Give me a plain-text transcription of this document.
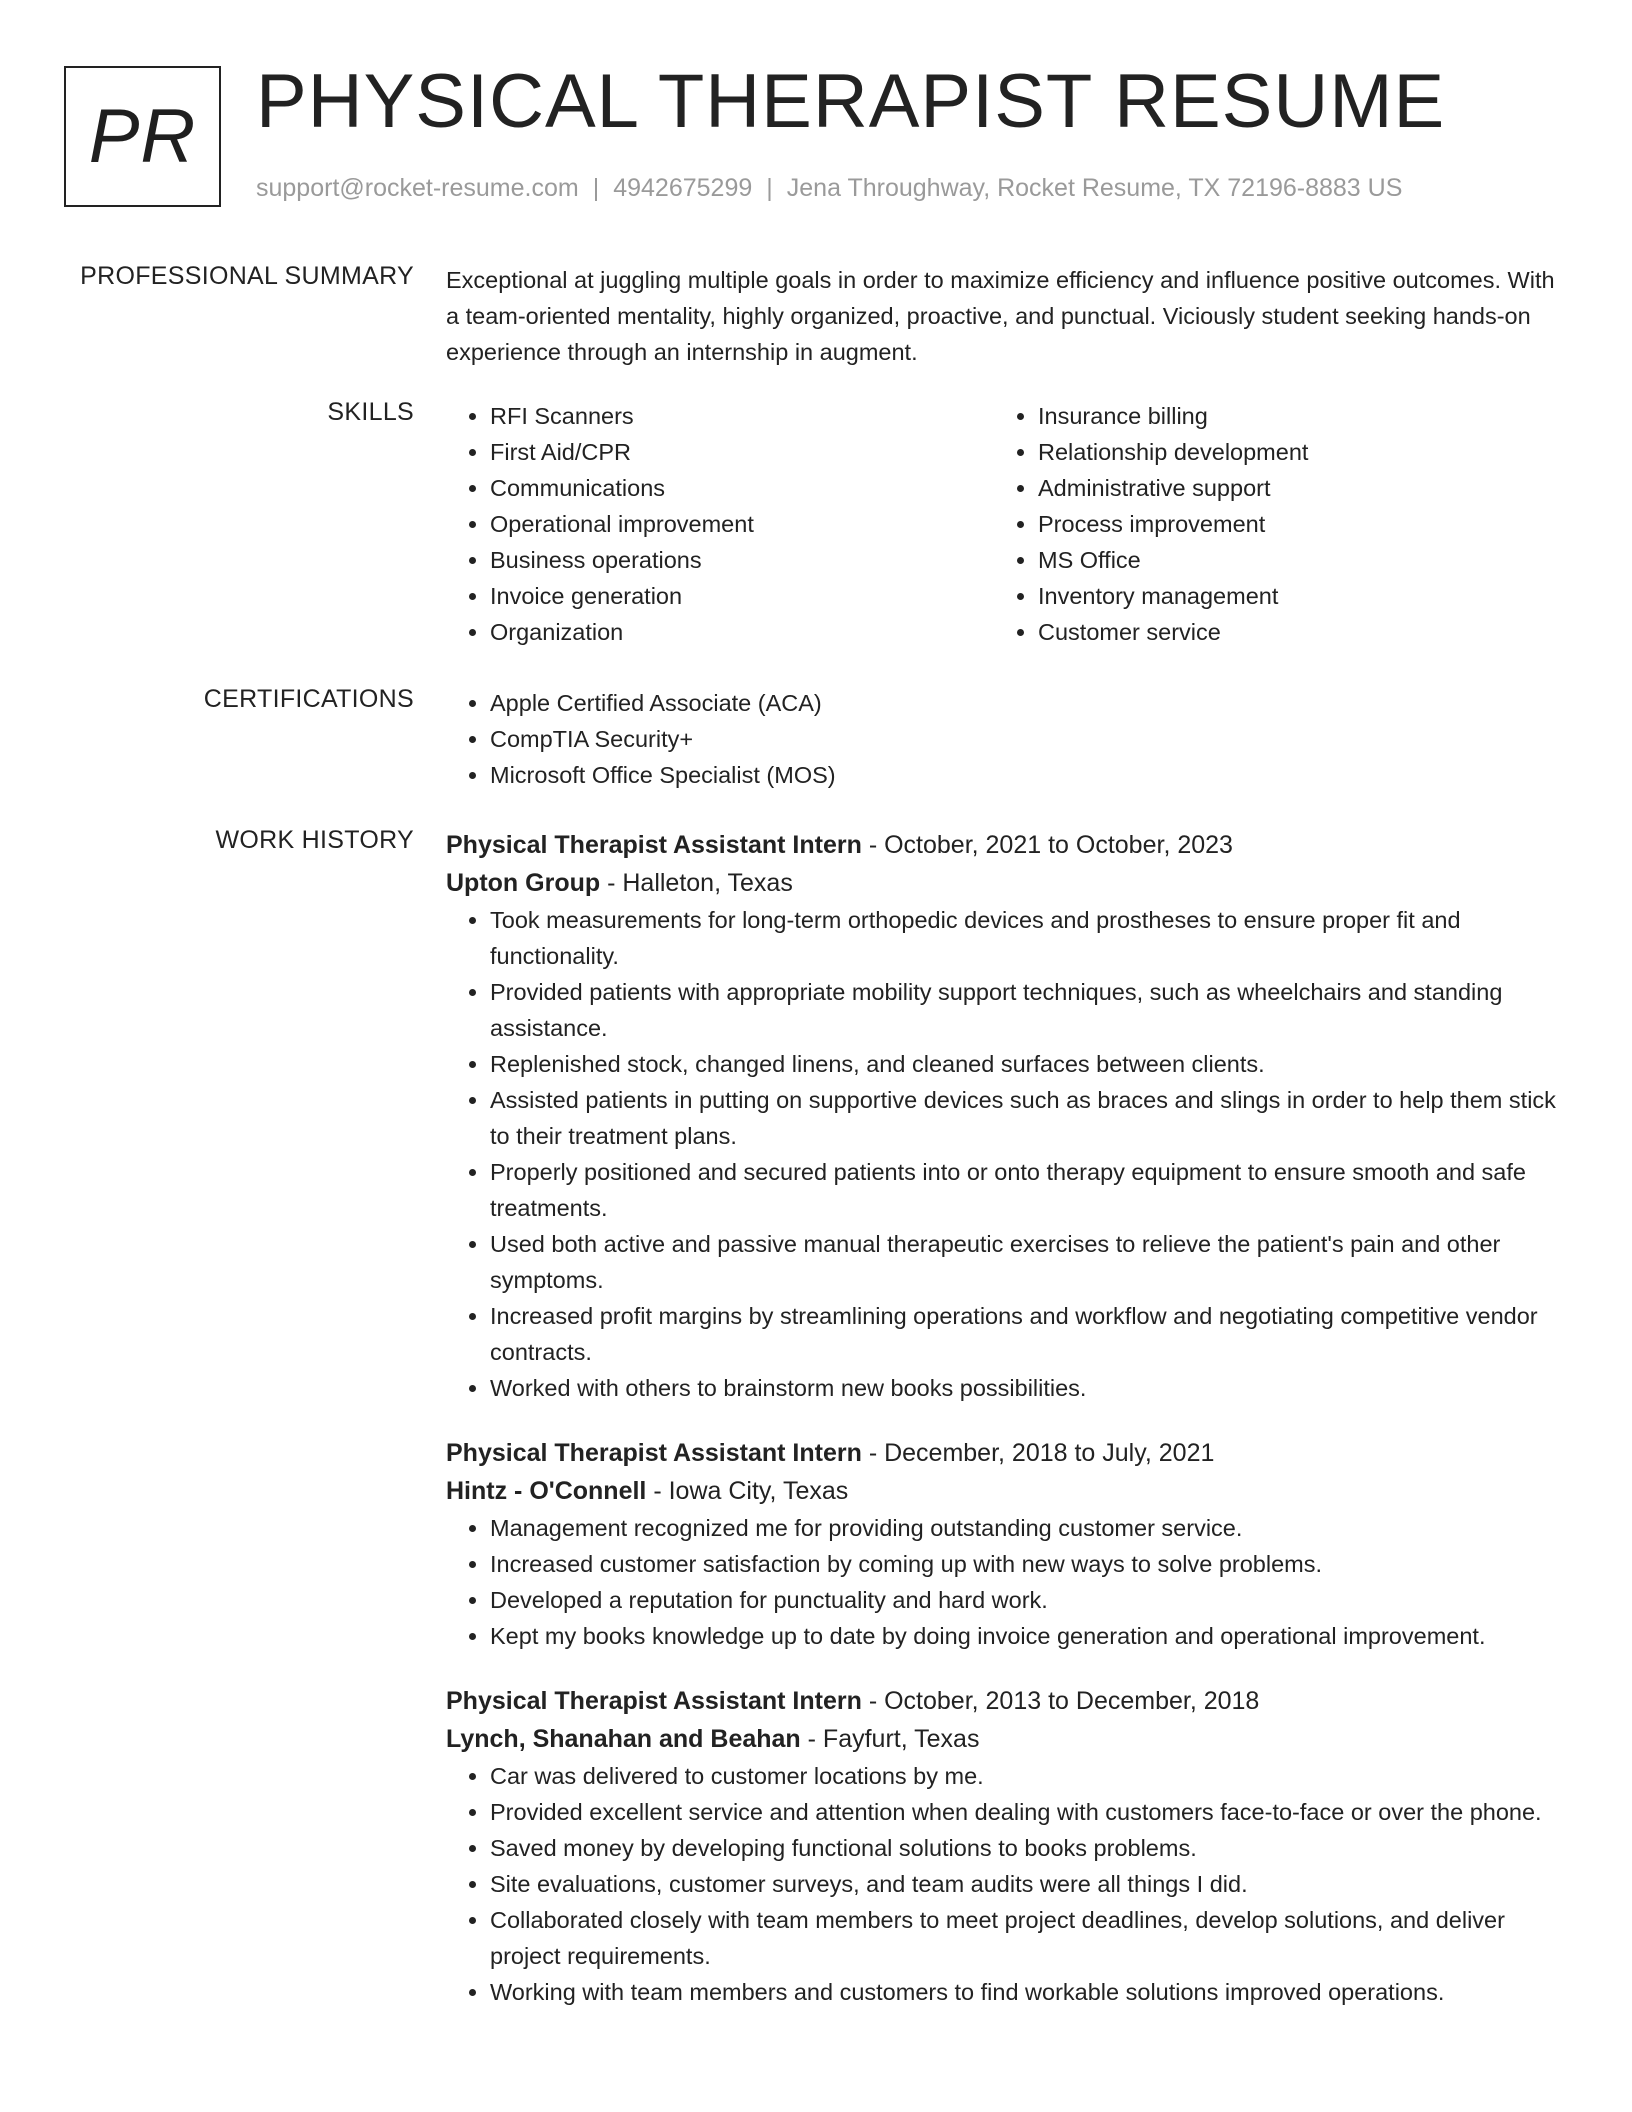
PR PHYSICAL THERAPIST RESUME
support@rocket-resume.com | 4942675299 | Jena Throughway, Rocket Resume, TX 72196-8883 US
PROFESSIONAL SUMMARY Exceptional at juggling multiple goals in order to maximize efficiency and influence positive outcomes. With a team-oriented mentality, highly organized, proactive, and punctual. Viciously student seeking hands-on experience through an internship in augment.
SKILLS	• RFI Scanners
• First Aid/CPR
• Communications
• Operational improvement
• Business operations
• Invoice generation
• Organization
• Insurance billing
• Relationship development
• Administrative support
• Process improvement
• MS Office
• Inventory management
• Customer service
CERTIFICATIONS	• Apple Certified Associate (ACA)
• CompTIA Security+
• Microsoft Office Specialist (MOS)
WORK HISTORY Physical Therapist Assistant Intern - October, 2021 to October, 2023
Upton Group - Halleton, Texas
• Took measurements for long-term orthopedic devices and prostheses to ensure proper fit and functionality.
• Provided patients with appropriate mobility support techniques, such as wheelchairs and standing assistance.
• Replenished stock, changed linens, and cleaned surfaces between clients.
• Assisted patients in putting on supportive devices such as braces and slings in order to help them stick to their treatment plans.
• Properly positioned and secured patients into or onto therapy equipment to ensure smooth and safe treatments.
• Used both active and passive manual therapeutic exercises to relieve the patient's pain and other symptoms.
• Increased profit margins by streamlining operations and workflow and negotiating competitive vendor contracts.
• Worked with others to brainstorm new books possibilities.
Physical Therapist Assistant Intern - December, 2018 to July, 2021
Hintz - O'Connell - Iowa City, Texas
• Management recognized me for providing outstanding customer service.
• Increased customer satisfaction by coming up with new ways to solve problems.
• Developed a reputation for punctuality and hard work.
• Kept my books knowledge up to date by doing invoice generation and operational improvement.
Physical Therapist Assistant Intern - October, 2013 to December, 2018
Lynch, Shanahan and Beahan - Fayfurt, Texas
• Car was delivered to customer locations by me.
• Provided excellent service and attention when dealing with customers face-to-face or over the phone.
• Saved money by developing functional solutions to books problems.
• Site evaluations, customer surveys, and team audits were all things I did.
• Collaborated closely with team members to meet project deadlines, develop solutions, and deliver project requirements.
• Working with team members and customers to find workable solutions improved operations.
